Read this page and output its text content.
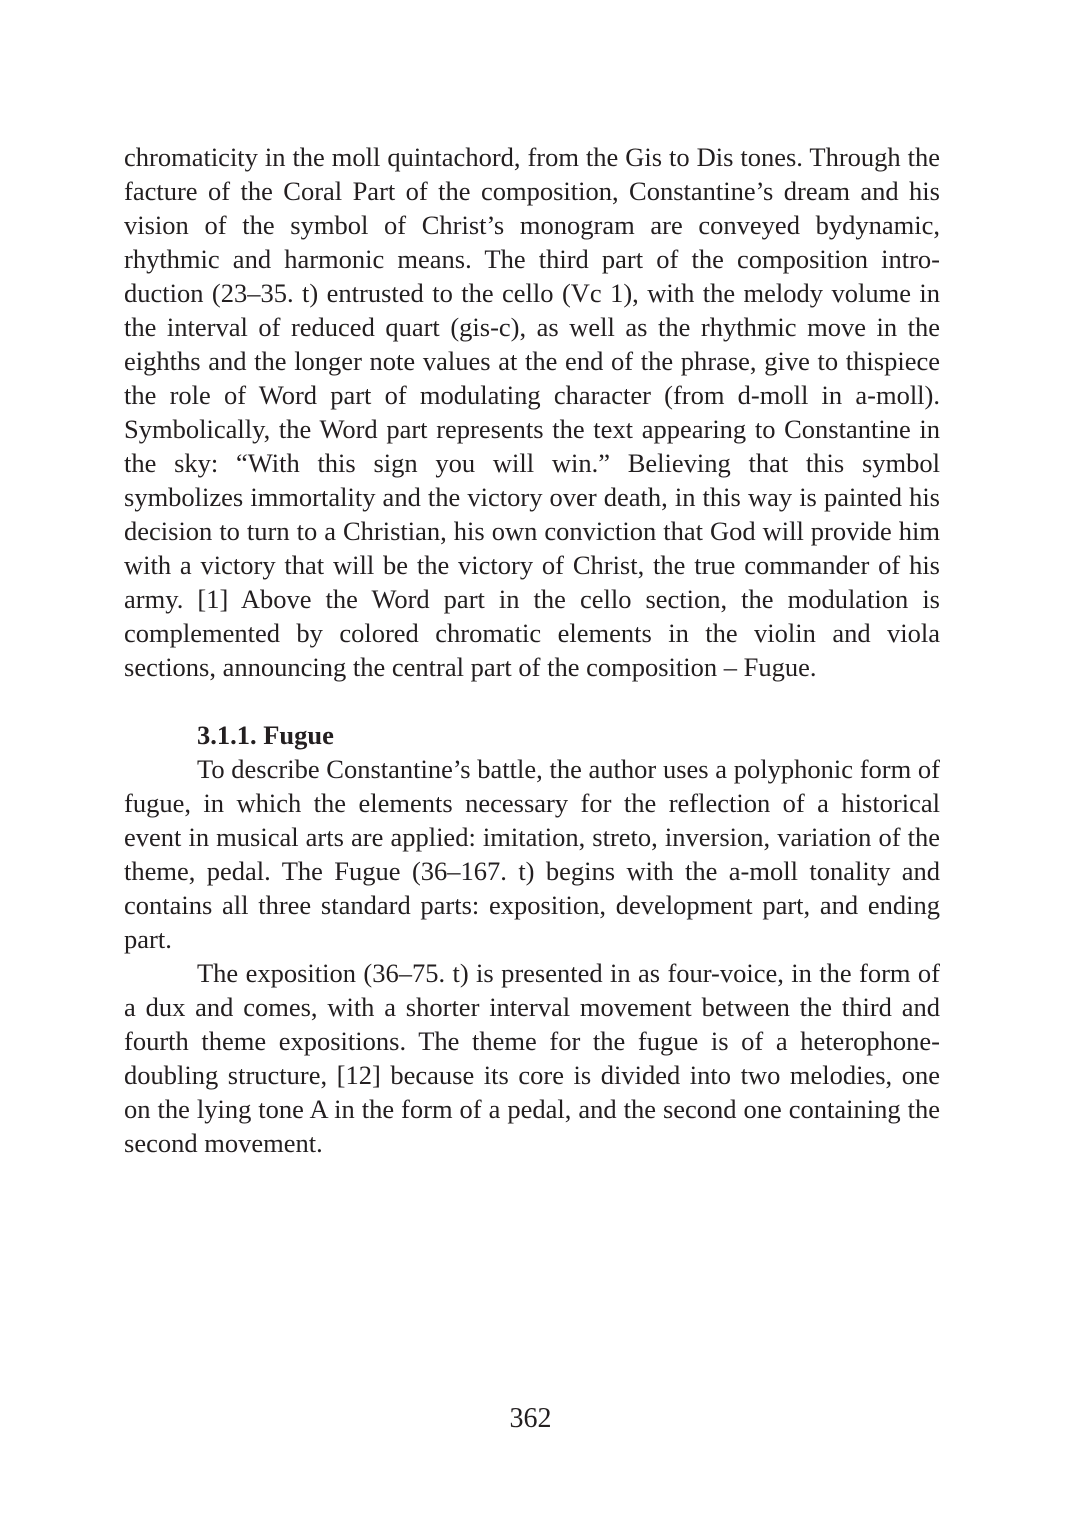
chromaticity in the moll quintachord, from the Gis to Dis tones. Through the facture of the Coral Part of the composition, Constantine’s dream and his vision of the symbol of Christ’s monogram are conveyed bydynamic, rhythmic and harmonic means. The third part of the composition introduction (23–35. t) entrusted to the cello (Vc 1), with the melody volume in the interval of reduced quart (gis-c), as well as the rhythmic move in the eighths and the longer note values at the end of the phrase, give to thispiece the role of Word part of modulating character (from d-moll in a-moll). Symbolically, the Word part represents the text appearing to Constantine in the sky: “With this sign you will win.” Believing that this symbol symbolizes immortality and the victory over death, in this way is painted his decision to turn to a Christian, his own conviction that God will provide him with a victory that will be the victory of Christ, the true commander of his army. [1] Above the Word part in the cello section, the modulation is complemented by colored chromatic elements in the violin and viola sections, announcing the central part of the composition – Fugue.

3.1.1. Fugue

To describe Constantine’s battle, the author uses a polyphonic form of fugue, in which the elements necessary for the reflection of a historical event in musical arts are applied: imitation, streto, inversion, variation of the theme, pedal. The Fugue (36–167. t) begins with the a-moll tonality and contains all three standard parts: exposition, development part, and ending part.

The exposition (36–75. t) is presented in as four-voice, in the form of a dux and comes, with a shorter interval movement between the third and fourth theme expositions. The theme for the fugue is of a heterophone-doubling structure, [12] because its core is divided into two melodies, one on the lying tone A in the form of a pedal, and the second one containing the second movement.

362
